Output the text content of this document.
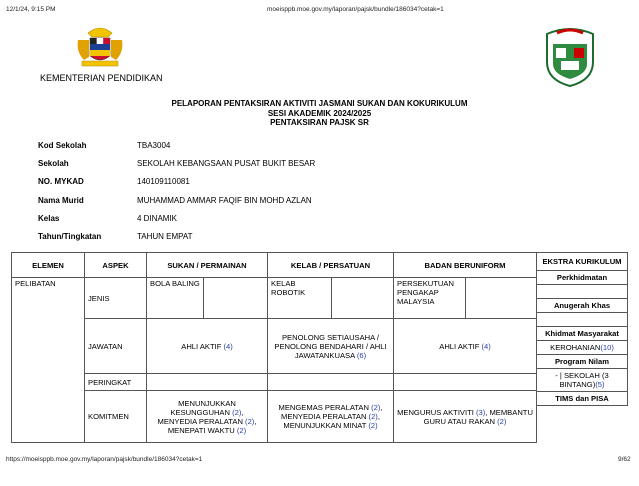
12/1/24, 9:15 PM	moeisppb.moe.gov.my/laporan/pajsk/bundle/186034?cetak=1
KEMENTERIAN PENDIDIKAN
PELAPORAN PENTAKSIRAN AKTIVITI JASMANI SUKAN DAN KOKURIKULUM
SESI AKADEMIK 2024/2025
PENTAKSIRAN PAJSK SR
Kod Sekolah	TBA3004
Sekolah	SEKOLAH KEBANGSAAN PUSAT BUKIT BESAR
NO. MYKAD	140109110081
Nama Murid	MUHAMMAD AMMAR FAQIF BIN MOHD AZLAN
Kelas	4 DINAMIK
Tahun/Tingkatan	TAHUN EMPAT
ELEMEN	ASPEK	SUKAN / PERMAINAN		KELAB / PERSATUAN		BADAN BERUNIFORM	
PELIBATAN	JENIS	BOLA BALING		KELAB ROBOTIK		PERSEKUTUAN PENGAKAP MALAYSIA	
	JAWATAN	AHLI AKTIF (4)		PENOLONG SETIAUSAHA / PENOLONG BENDAHARI / AHLI JAWATANKUASA (6)		AHLI AKTIF (4)	
	PERINGKAT						
	KOMITMEN	MENUNJUKKAN KESUNGGUHAN (2), MENYEDIA PERALATAN (2), MENEPATI WAKTU (2)		MENGEMAS PERALATAN (2), MENYEDIA PERALATAN (2), MENUNJUKKAN MINAT (2)		MENGURUS AKTIVITI (3), MEMBANTU GURU ATAU RAKAN (2)	
EKSTRA KURIKULUM
Perkhidmatan
Anugerah Khas
Khidmat Masyarakat
KEROHANIAN(10)
Program Nilam
- | SEKOLAH (3 BINTANG)(5)
TIMS dan PISA
https://moeisppb.moe.gov.my/laporan/pajsk/bundle/186034?cetak=1	9/62
